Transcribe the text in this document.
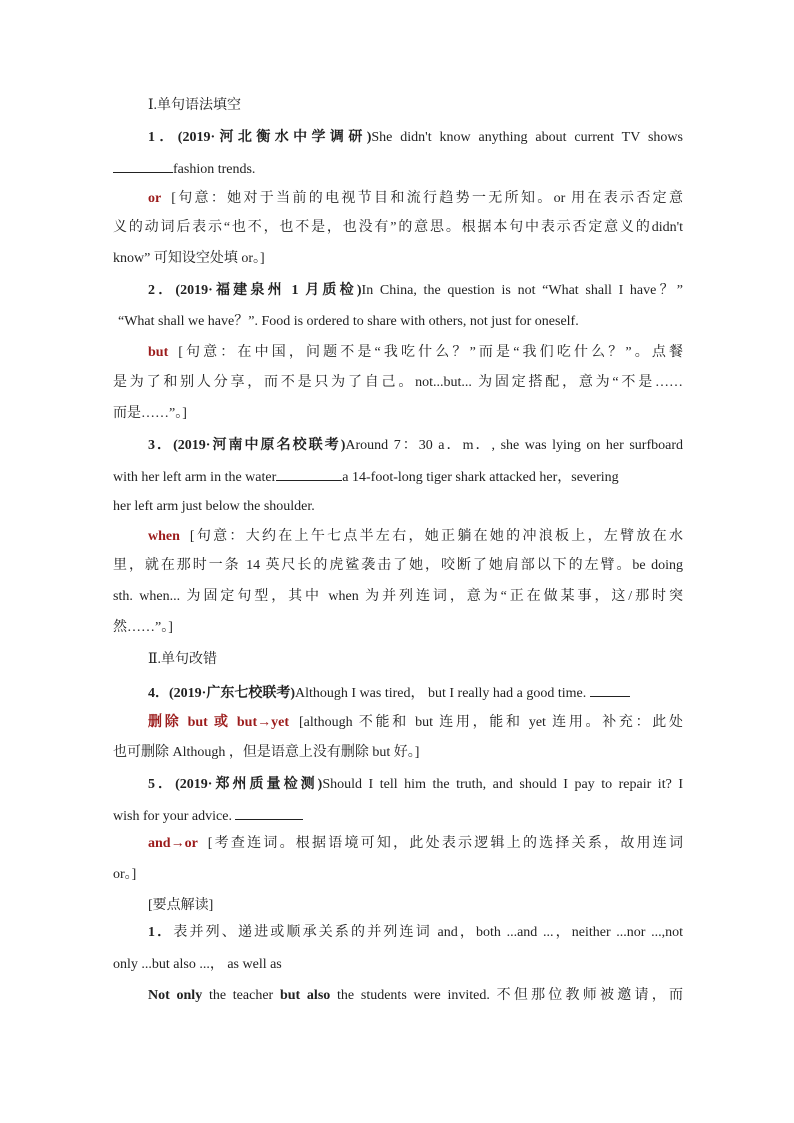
Ⅰ.单句语法填空
1．(2019·河北衡水中学调研)She didn't know anything about current TV shows
fashion trends.
or [句意：她对于当前的电视节目和流行趋势一无所知。or 用在表示否定意
义的动词后表示“也不，也不是，也没有”的意思。根据本句中表示否定意义的didn't
know” 可知设空处填 or。]
2．(2019·福建泉州 1 月质检)In China, the question is not “What shall I have？”
“What shall we have？”. Food is ordered to share with others, not just for oneself.
but [句意：在中国，问题不是“我吃什么？”而是“我们吃什么？”。点餐
是为了和别人分享，而不是只为了自己。not...but... 为固定搭配，意为“不是……
而是……”。]
3．(2019·河南中原名校联考)Around 7：30 a．m．, she was lying on her surfboard
with her left arm in the water	a 14-foot-long tiger shark attacked her，severing
her left arm just below the shoulder.
when [句意：大约在上午七点半左右，她正躺在她的冲浪板上，左臂放在水
里，就在那时一条 14 英尺长的虎鲨袭击了她，咬断了她肩部以下的左臂。be doing
sth. when... 为固定句型，其中 when 为并列连词，意为“正在做某事，这/那时突
然……”。]
Ⅱ.单句改错
4．(2019·广东七校联考)Although I was tired， but I really had a good time.
删除 but 或 but→yet [although 不能和 but 连用，能和 yet 连用。补充：此处
也可删除 Although ，但是语意上没有删除 but 好。]
5．(2019·郑州质量检测)Should I tell him the truth, and should I pay to repair it? I
wish for your advice.
and→or [考查连词。根据语境可知，此处表示逻辑上的选择关系，故用连词
or。]
[要点解读]
1．表并列、递进或顺承关系的并列连词 and，both ...and ...，neither ...nor ...,not
only ...but also ...， as well as
Not only the teacher but also the students were invited. 不但那位教师被邀请，而
